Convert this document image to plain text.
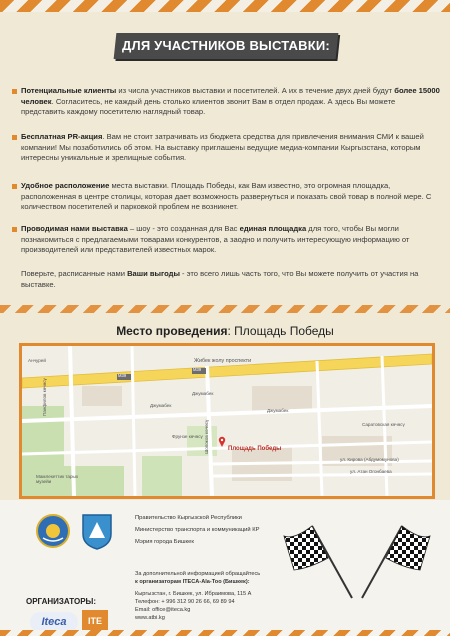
ДЛЯ УЧАСТНИКОВ ВЫСТАВКИ:
Потенциальные клиенты из числа участников выставки и посетителей. А их в течение двух дней будут более 15000 человек. Согласитесь, не каждый день столько клиентов звонит Вам в отдел продаж. А здесь Вы можете представить каждому посетителю наглядный товар.
Бесплатная PR-акция. Вам не стоит затрачивать из бюджета средства для привлечения внимания СМИ к вашей компании! Мы позаботились об этом. На выставку приглашены ведущие медиа-компании Кыргызстана, которым интересны уникальные и зрелищные события.
Удобное расположение места выставки. Площадь Победы, как Вам известно, это огромная площадка, расположенная в центре столицы, которая дает возможность развернуться и показать свой товар в полной мере. С количеством посетителей и парковкой проблем не возникнет.
Проводимая нами выставка – шоу - это созданная для Вас единая площадка для того, чтобы Вы могли познакомиться с предлагаемыми товарами конкурентов, а заодно и получить интересующую информацию от производителей или представителей известных марок.
Поверьте, расписанные нами Ваши выгоды - это всего лишь часть того, что Вы можете получить от участия на выставке.
Место проведения: Площадь Победы
Анчурей	Жибек жолу проспекти
M39
M39
Джумабек
Джумабек
Джумабек
Фрунзе көчөсү
Саратовская көчөсү
ул. Кирова (Абдумомунова)
ул. Атан Огонбаева
Панфилов көчөсү
Шопоков көчөсү
Мамлекеттик тарых музейи
Площадь Победы
Правительство Кыргызской Республики
Министерство транспорта и коммуникаций КР
Мэрия города Бишкек
ОРГАНИЗАТОРЫ:
Iteca	ITE
За дополнительной информацией обращайтесь
к организаторам ITECA-Ala-Too (Бишкек):
Кыргызстан, г. Бишкек, ул. Ибраимова, 115 А
Телефон: + 996 312 90 26 66, 69 89 94
Email: office@iteca.kg
www.atbi.kg
